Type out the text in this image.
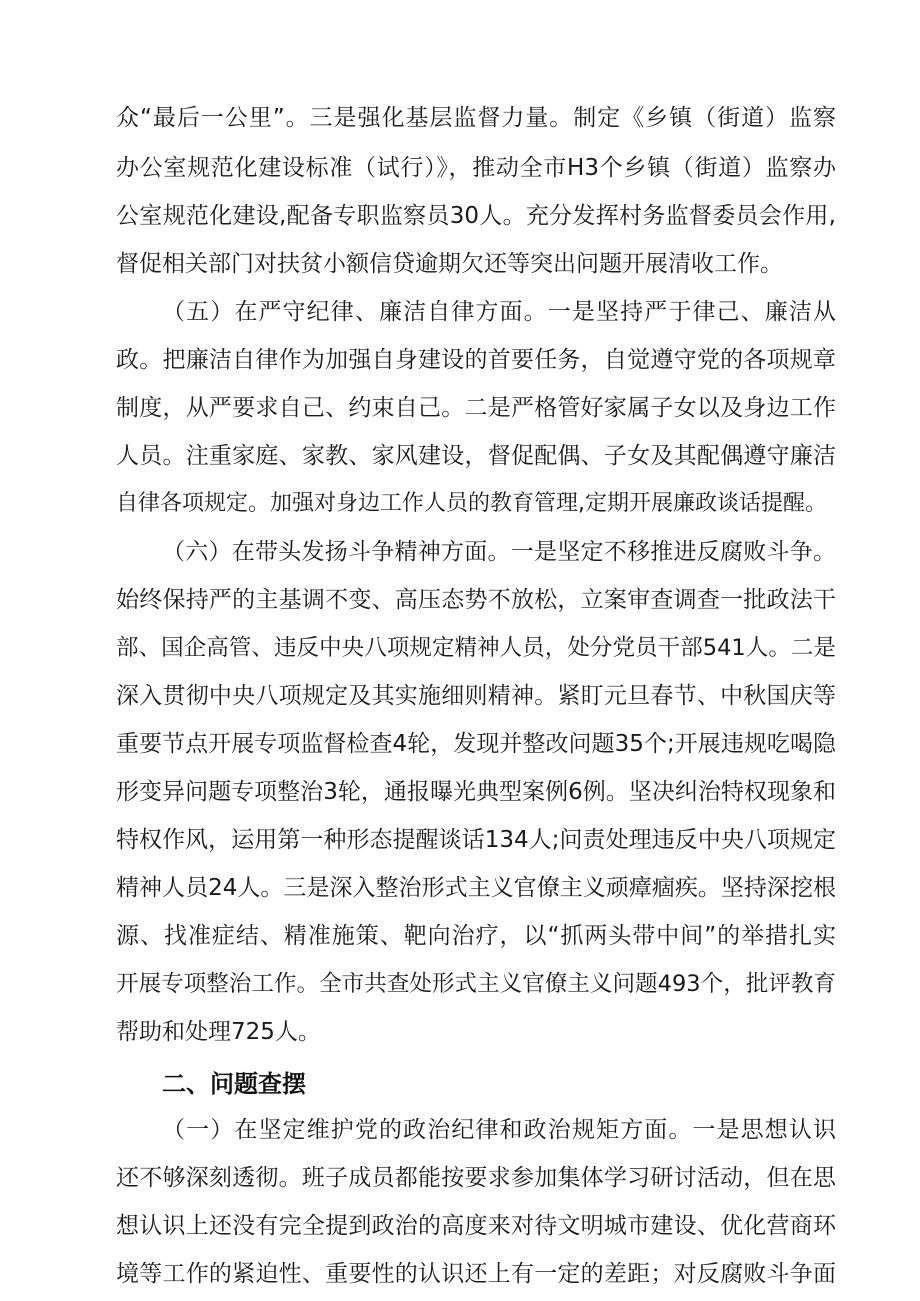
众“最后一公里”。三是强化基层监督力量。制定《乡镇（街道）监察
办公室规范化建设标准（试行）》，推动全市H3个乡镇（街道）监察办
公室规范化建设,配备专职监察员30人。充分发挥村务监督委员会作用,
督促相关部门对扶贫小额信贷逾期欠还等突出问题开展清收工作。
（五）在严守纪律、廉洁自律方面。一是坚持严于律己、廉洁从
政。把廉洁自律作为加强自身建设的首要任务，自觉遵守党的各项规章
制度，从严要求自己、约束自己。二是严格管好家属子女以及身边工作
人员。注重家庭、家教、家风建设，督促配偶、子女及其配偶遵守廉洁
自律各项规定。加强对身边工作人员的教育管理,定期开展廉政谈话提醒。
（六）在带头发扬斗争精神方面。一是坚定不移推进反腐败斗争。
始终保持严的主基调不变、高压态势不放松，立案审查调查一批政法干
部、国企高管、违反中央八项规定精神人员，处分党员干部541人。二是
深入贯彻中央八项规定及其实施细则精神。紧盯元旦春节、中秋国庆等
重要节点开展专项监督检查4轮，发现并整改问题35个;开展违规吃喝隐
形变异问题专项整治3轮，通报曝光典型案例6例。坚决纠治特权现象和
特权作风，运用第一种形态提醒谈话134人;问责处理违反中央八项规定
精神人员24人。三是深入整治形式主义官僚主义顽瘴痼疾。坚持深挖根
源、找准症结、精准施策、靶向治疗，以“抓两头带中间”的举措扎实
开展专项整治工作。全市共查处形式主义官僚主义问题493个，批评教育
帮助和处理725人。
二、问题查摆
（一）在坚定维护党的政治纪律和政治规矩方面。一是思想认识
还不够深刻透彻。班子成员都能按要求参加集体学习研讨活动，但在思
想认识上还没有完全提到政治的高度来对待文明城市建设、优化营商环
境等工作的紧迫性、重要性的认识还上有一定的差距；对反腐败斗争面
